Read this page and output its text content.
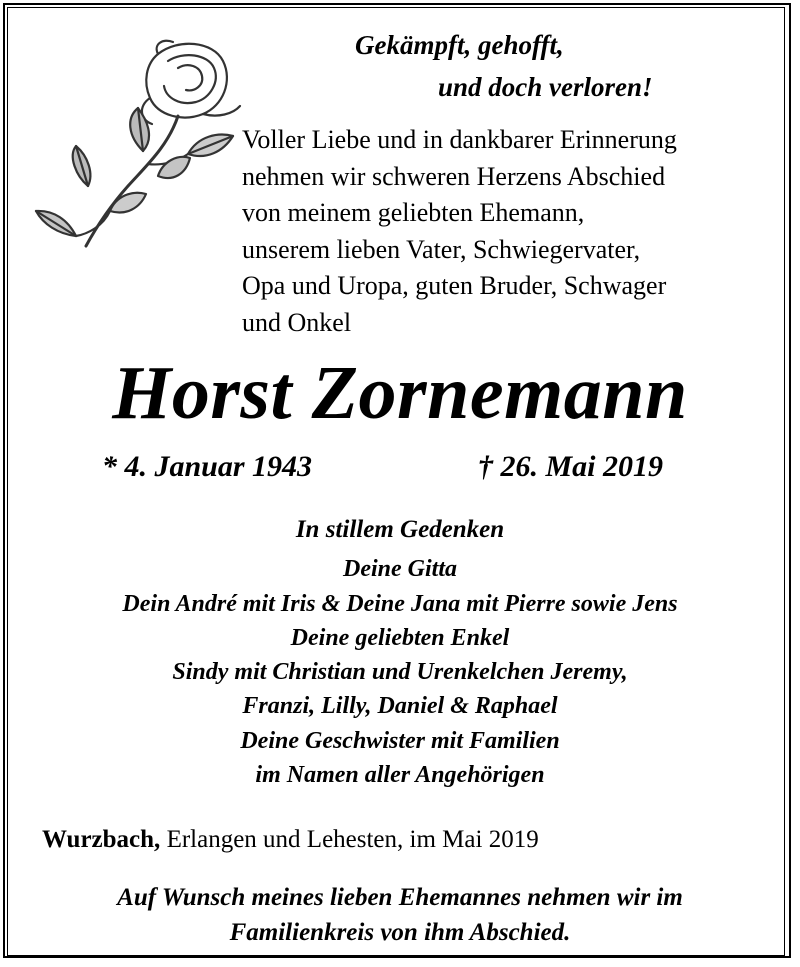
Gekämpft, gehofft,
und doch verloren!
Voller Liebe und in dankbarer Erinnerung
nehmen wir schweren Herzens Abschied
von meinem geliebten Ehemann,
unserem lieben Vater, Schwiegervater,
Opa und Uropa, guten Bruder, Schwager
und Onkel
Horst Zornemann
* 4. Januar 1943	† 26. Mai 2019
In stillem Gedenken
Deine Gitta
Dein André mit Iris & Deine Jana mit Pierre sowie Jens
Deine geliebten Enkel
Sindy mit Christian und Urenkelchen Jeremy,
Franzi, Lilly, Daniel & Raphael
Deine Geschwister mit Familien
im Namen aller Angehörigen
Wurzbach, Erlangen und Lehesten, im Mai 2019
Auf Wunsch meines lieben Ehemannes nehmen wir im
Familienkreis von ihm Abschied.
